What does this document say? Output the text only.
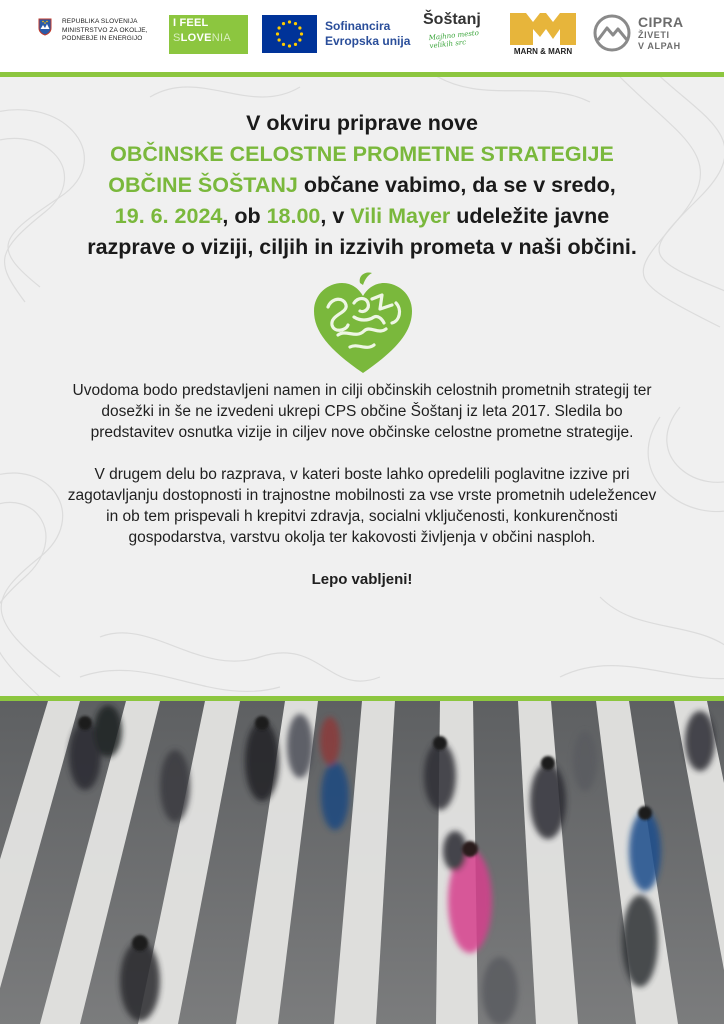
REPUBLIKA SLOVENIJA
MINISTRSTVO ZA OKOLJE,
PODNEBJE IN ENERGIJO
I FEEL
SLOVENIA
Sofinancira
Evropska unija
Šoštanj
Majhno mesto velikih src
MARN & MARN
CIPRA
ŽIVETI
V ALPAH
V okviru priprave nove
OBČINSKE CELOSTNE PROMETNE STRATEGIJE
OBČINE ŠOŠTANJ občane vabimo, da se v sredo,
19. 6. 2024, ob 18.00, v Vili Mayer udeležite javne
razprave o viziji, ciljih in izzivih prometa v naši občini.

Uvodoma bodo predstavljeni namen in cilji občinskih celostnih prometnih strategij ter dosežki in še ne izvedeni ukrepi CPS občine Šoštanj iz leta 2017. Sledila bo predstavitev osnutka vizije in ciljev nove občinske celostne prometne strategije.

V drugem delu bo razprava, v kateri boste lahko opredelili poglavitne izzive pri zagotavljanju dostopnosti in trajnostne mobilnosti za vse vrste prometnih udeležencev in ob tem prispevali h krepitvi zdravja, socialni vključenosti, konkurenčnosti gospodarstva, varstvu okolja ter kakovosti življenja v občini nasploh.

Lepo vabljeni!
